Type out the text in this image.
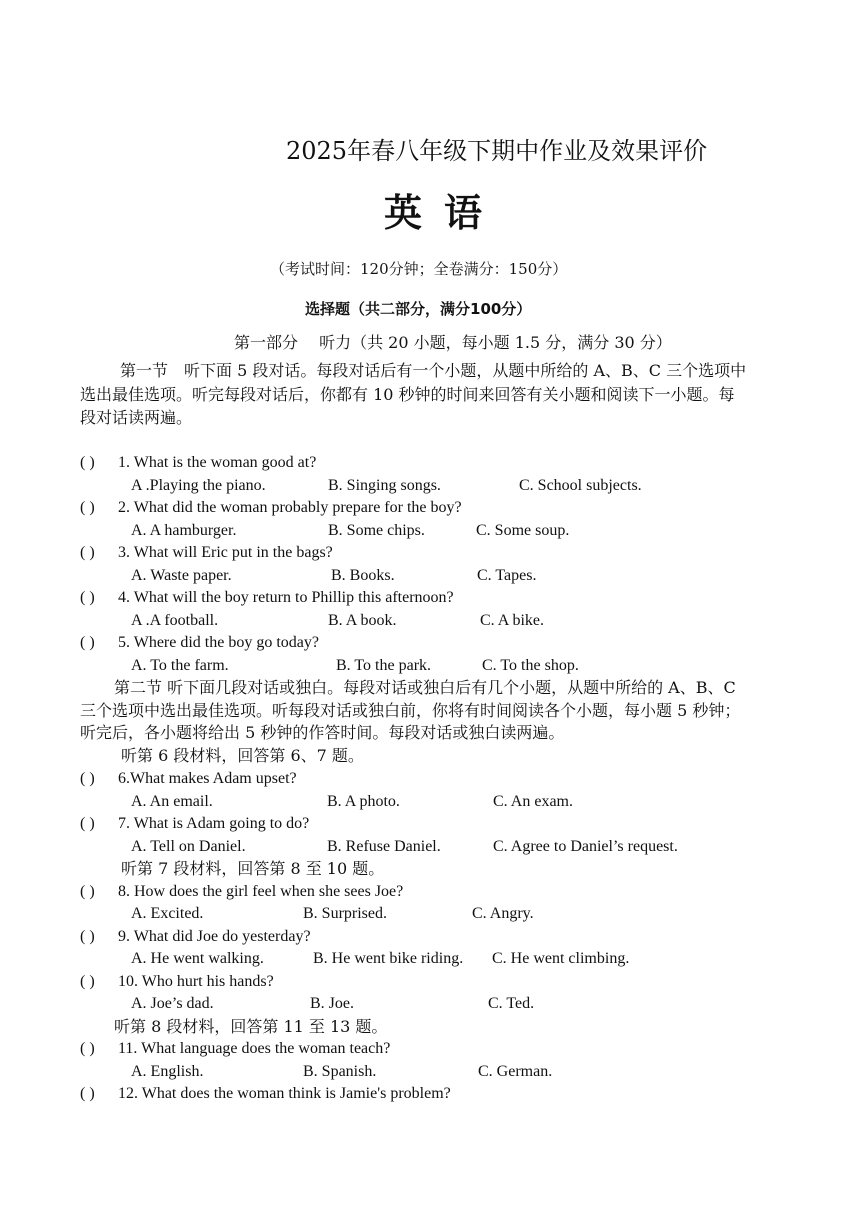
2025年春八年级下期中作业及效果评价
英 语
（考试时间：120分钟；全卷满分：150分）
选择题（共二部分，满分100分）
第一部分　 听力（共 20 小题，每小题 1.5 分，满分 30 分）
第一节　听下面 5 段对话。每段对话后有一个小题，从题中所给的 A、B、C 三个选项中
选出最佳选项。听完每段对话后，你都有 10 秒钟的时间来回答有关小题和阅读下一小题。每
段对话读两遍。
( ) 1. What is the woman good at?
A .Playing the piano.	B. Singing songs.	C. School subjects.
( ) 2. What did the woman probably prepare for the boy?
A. A hamburger.	B. Some chips.	C. Some soup.
( ) 3. What will Eric put in the bags?
A. Waste paper.	B. Books.	C. Tapes.
( ) 4. What will the boy return to Phillip this afternoon?
A .A football.	B. A book.	C. A bike.
( ) 5. Where did the boy go today?
A. To the farm.	B. To the park.	C. To the shop.
第二节 听下面几段对话或独白。每段对话或独白后有几个小题，从题中所给的 A、B、C
三个选项中选出最佳选项。听每段对话或独白前，你将有时间阅读各个小题，每小题 5 秒钟；
听完后，各小题将给出 5 秒钟的作答时间。每段对话或独白读两遍。
听第 6 段材料，回答第 6、7 题。
( ) 6.What makes Adam upset?
A. An email.	B. A photo.	C. An exam.
( ) 7. What is Adam going to do?
A. Tell on Daniel.	B. Refuse Daniel.	C. Agree to Daniel’s request.
听第 7 段材料，回答第 8 至 10 题。
( ) 8. How does the girl feel when she sees Joe?
A. Excited.	B. Surprised.	C. Angry.
( ) 9. What did Joe do yesterday?
A. He went walking.	B. He went bike riding. C. He went climbing.
( ) 10. Who hurt his hands?
A. Joe’s dad.	B. Joe.	C. Ted.
听第 8 段材料，回答第 11 至 13 题。
( ) 11. What language does the woman teach?
A. English.	B. Spanish.	C. German.
( ) 12. What does the woman think is Jamie's problem?
